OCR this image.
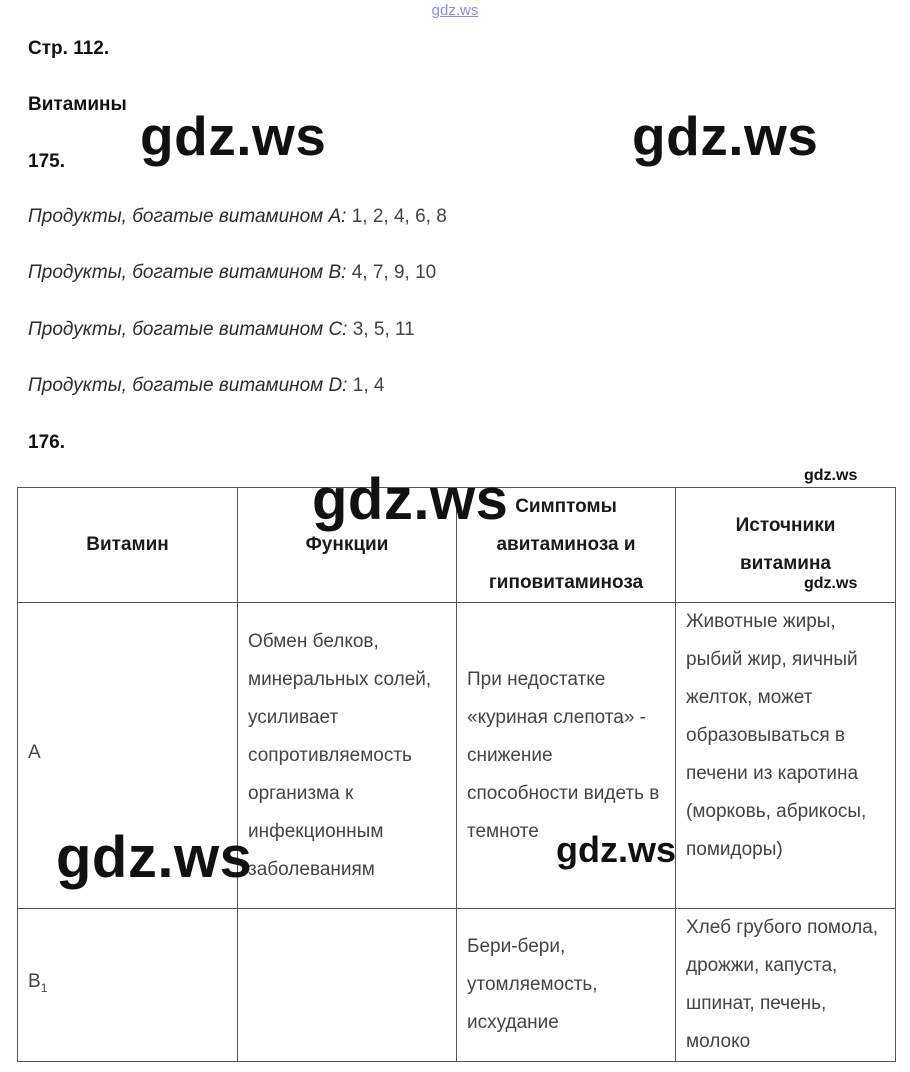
gdz.ws
Стр. 112.
Витамины
175.
Продукты, богатые витамином A: 1, 2, 4, 6, 8
Продукты, богатые витамином B: 4, 7, 9, 10
Продукты, богатые витамином C: 3, 5, 11
Продукты, богатые витамином D: 1, 4
176.
Витамин	Функции	Симптомы авитаминоза и гиповитаминоза	Источники витамина
A	Обмен белков, минеральных солей, усиливает сопротивляемость организма к инфекционным заболеваниям	При недостатке «куриная слепота» - снижение способности видеть в темноте	Животные жиры, рыбий жир, яичный желток, может образовываться в печени из каротина (морковь, абрикосы, помидоры)
$B_1$		Бери-бери, утомляемость, исхудание	Хлеб грубого помола, дрожжи, капуста, шпинат, печень, молоко
gdz.ws	gdz.ws
gdz.ws
gdz.ws	gdz.ws
gdz.ws
gdz.ws
